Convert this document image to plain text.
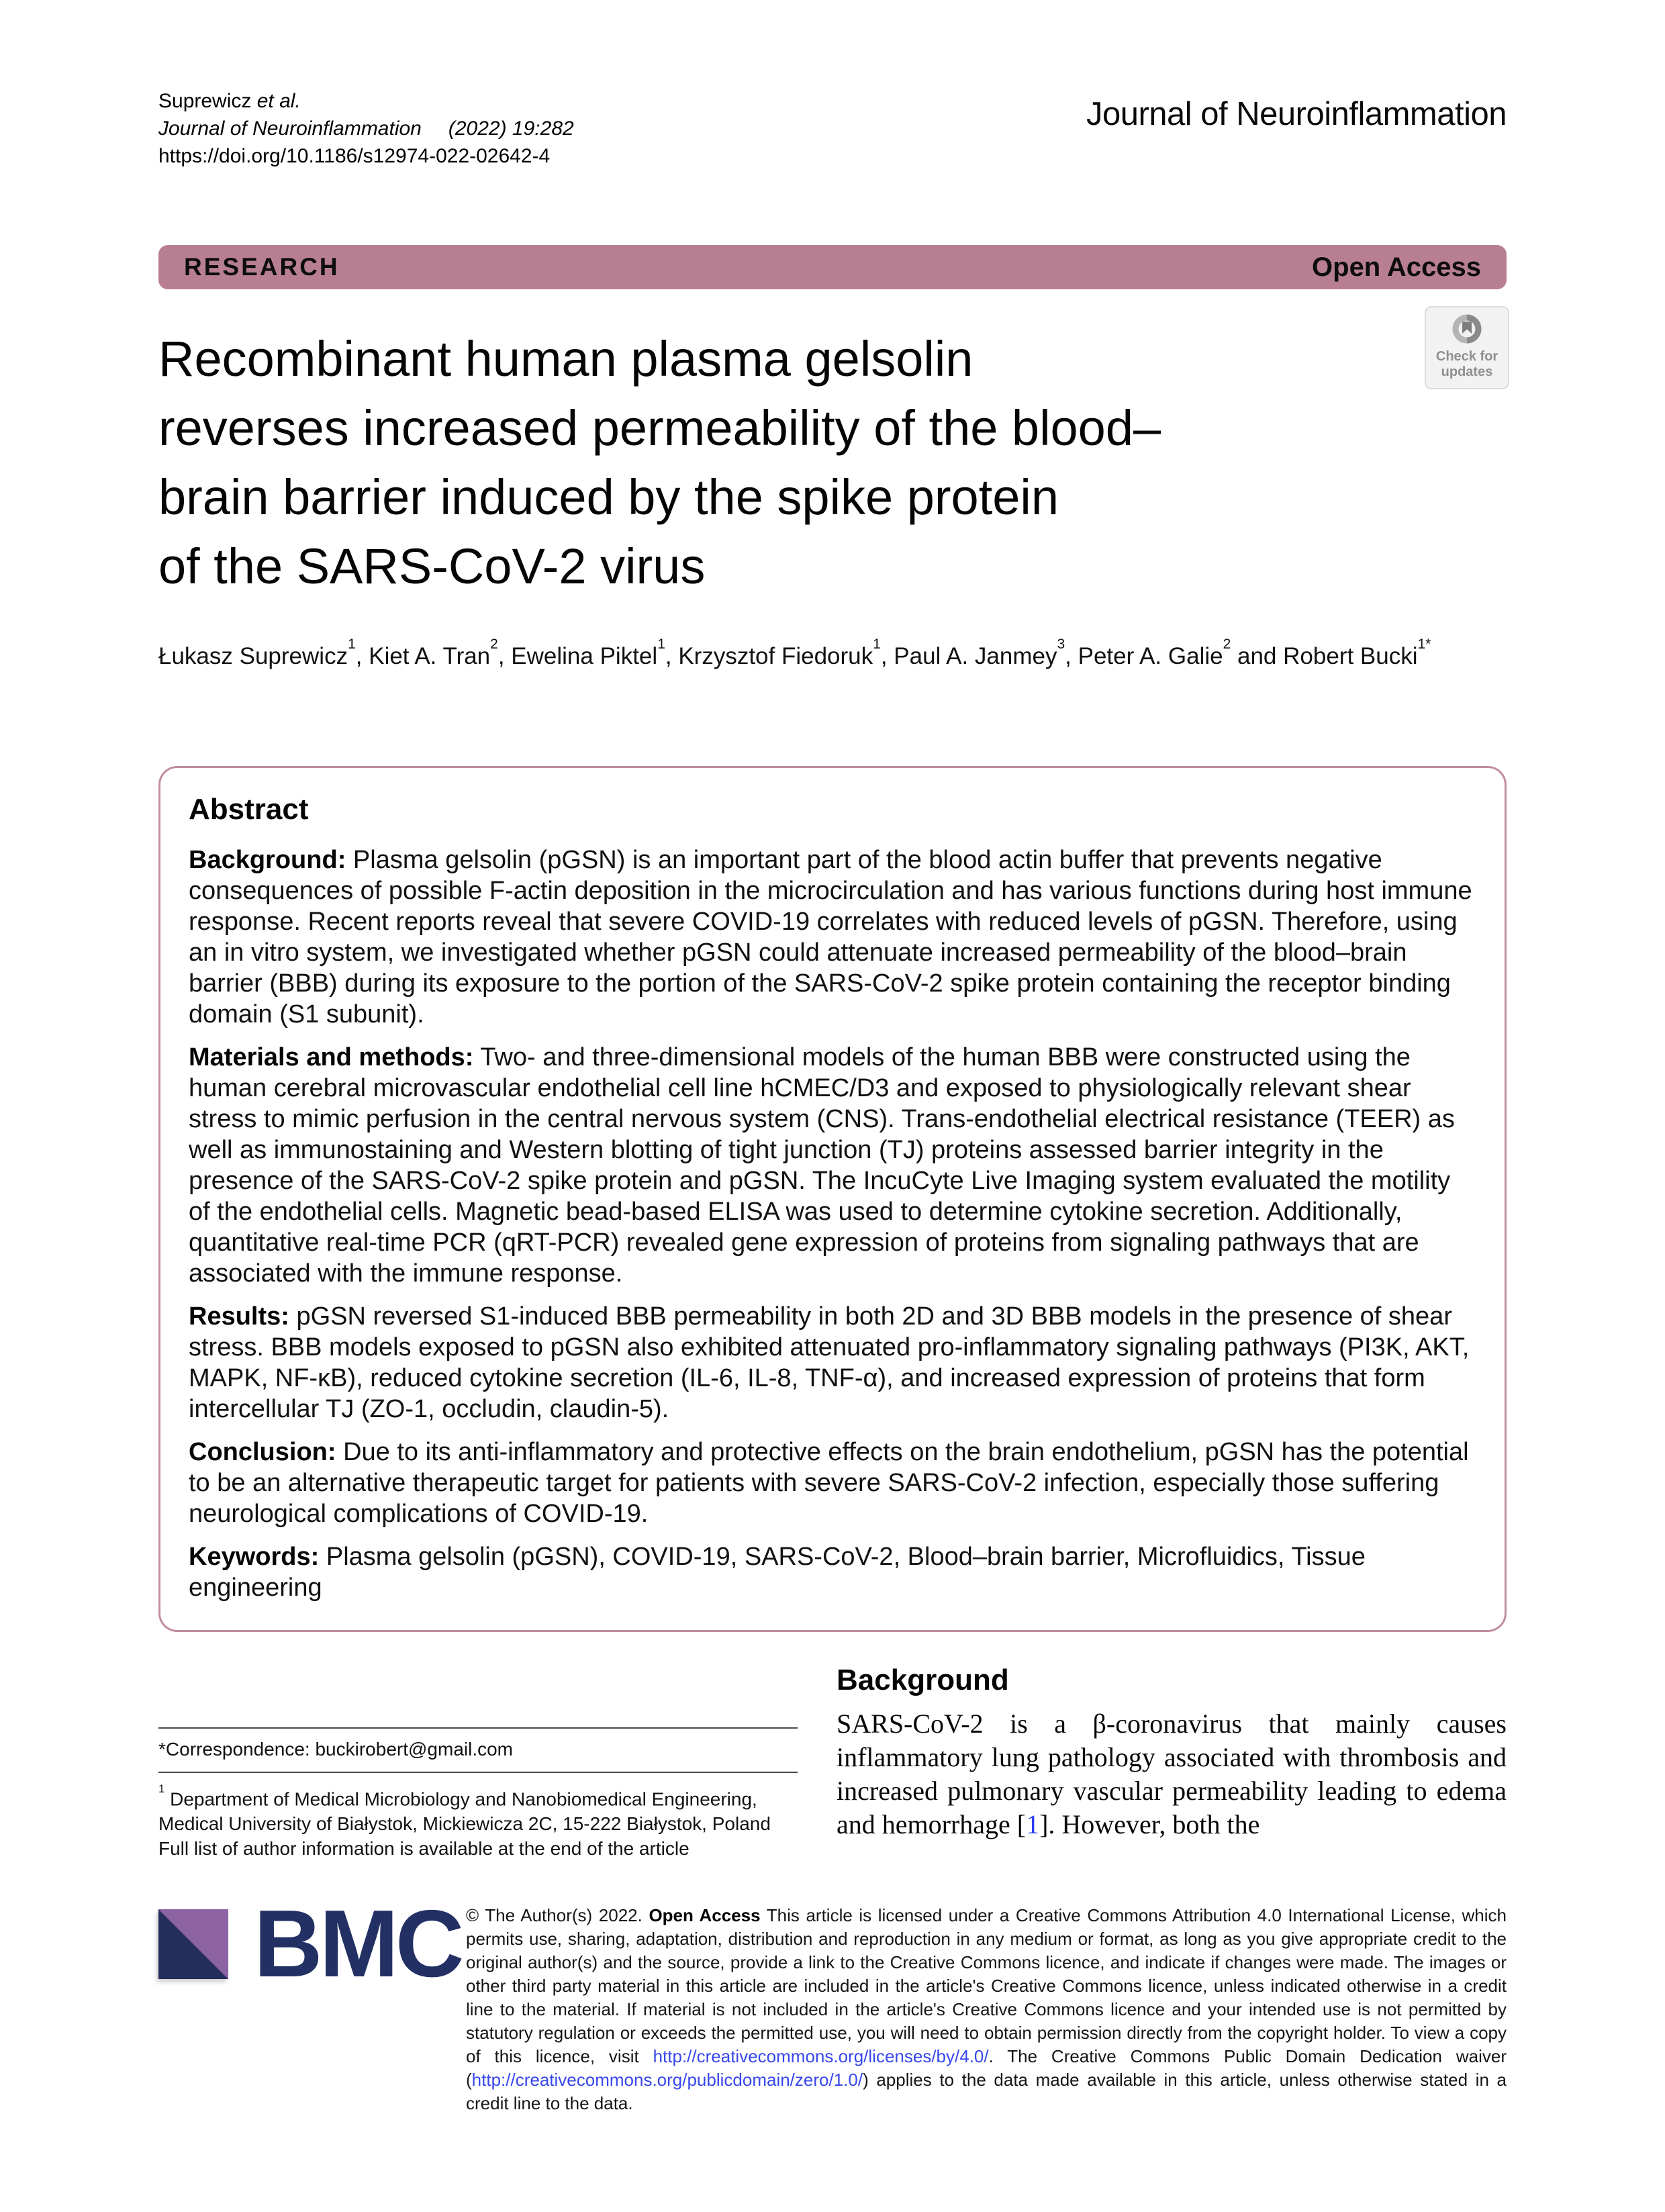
Suprewicz et al.
Journal of Neuroinflammation (2022) 19:282
https://doi.org/10.1186/s12974-022-02642-4
Journal of Neuroinflammation
RESEARCH	Open Access
Check for
updates
Recombinant human plasma gelsolin
reverses increased permeability of the blood–
brain barrier induced by the spike protein
of the SARS-CoV-2 virus

Łukasz Suprewicz$^1$, Kiet A. Tran$^2$, Ewelina Piktel$^1$, Krzysztof Fiedoruk$^1$, Paul A. Janmey$^3$, Peter A. Galie$^2$ and Robert Bucki$^{1*}$

Abstract

Background: Plasma gelsolin (pGSN) is an important part of the blood actin buffer that prevents negative consequences of possible F-actin deposition in the microcirculation and has various functions during host immune response. Recent reports reveal that severe COVID-19 correlates with reduced levels of pGSN. Therefore, using an in vitro system, we investigated whether pGSN could attenuate increased permeability of the blood–brain barrier (BBB) during its exposure to the portion of the SARS-CoV-2 spike protein containing the receptor binding domain (S1 subunit).

Materials and methods: Two- and three-dimensional models of the human BBB were constructed using the human cerebral microvascular endothelial cell line hCMEC/D3 and exposed to physiologically relevant shear stress to mimic perfusion in the central nervous system (CNS). Trans-endothelial electrical resistance (TEER) as well as immunostaining and Western blotting of tight junction (TJ) proteins assessed barrier integrity in the presence of the SARS-CoV-2 spike protein and pGSN. The IncuCyte Live Imaging system evaluated the motility of the endothelial cells. Magnetic bead-based ELISA was used to determine cytokine secretion. Additionally, quantitative real-time PCR (qRT-PCR) revealed gene expression of proteins from signaling pathways that are associated with the immune response.

Results: pGSN reversed S1-induced BBB permeability in both 2D and 3D BBB models in the presence of shear stress. BBB models exposed to pGSN also exhibited attenuated pro-inflammatory signaling pathways (PI3K, AKT, MAPK, NF-κB), reduced cytokine secretion (IL-6, IL-8, TNF-α), and increased expression of proteins that form intercellular TJ (ZO-1, occludin, claudin-5).

Conclusion: Due to its anti-inflammatory and protective effects on the brain endothelium, pGSN has the potential to be an alternative therapeutic target for patients with severe SARS-CoV-2 infection, especially those suffering neurological complications of COVID-19.

Keywords: Plasma gelsolin (pGSN), COVID-19, SARS-CoV-2, Blood–brain barrier, Microfluidics, Tissue engineering

*Correspondence: buckirobert@gmail.com
$^1$ Department of Medical Microbiology and Nanobiomedical Engineering, Medical University of Białystok, Mickiewicza 2C, 15-222 Białystok, Poland
Full list of author information is available at the end of the article
Background

SARS-CoV-2 is a β-coronavirus that mainly causes inflammatory lung pathology associated with thrombosis and increased pulmonary vascular permeability leading to edema and hemorrhage [1]. However, both the

BMC © The Author(s) 2022. Open Access This article is licensed under a Creative Commons Attribution 4.0 International License, which permits use, sharing, adaptation, distribution and reproduction in any medium or format, as long as you give appropriate credit to the original author(s) and the source, provide a link to the Creative Commons licence, and indicate if changes were made. The images or other third party material in this article are included in the article's Creative Commons licence, unless indicated otherwise in a credit line to the material. If material is not included in the article's Creative Commons licence and your intended use is not permitted by statutory regulation or exceeds the permitted use, you will need to obtain permission directly from the copyright holder. To view a copy of this licence, visit http://creativecommons.org/licenses/by/4.0/. The Creative Commons Public Domain Dedication waiver (http://creativecommons.org/publicdomain/zero/1.0/) applies to the data made available in this article, unless otherwise stated in a credit line to the data.
